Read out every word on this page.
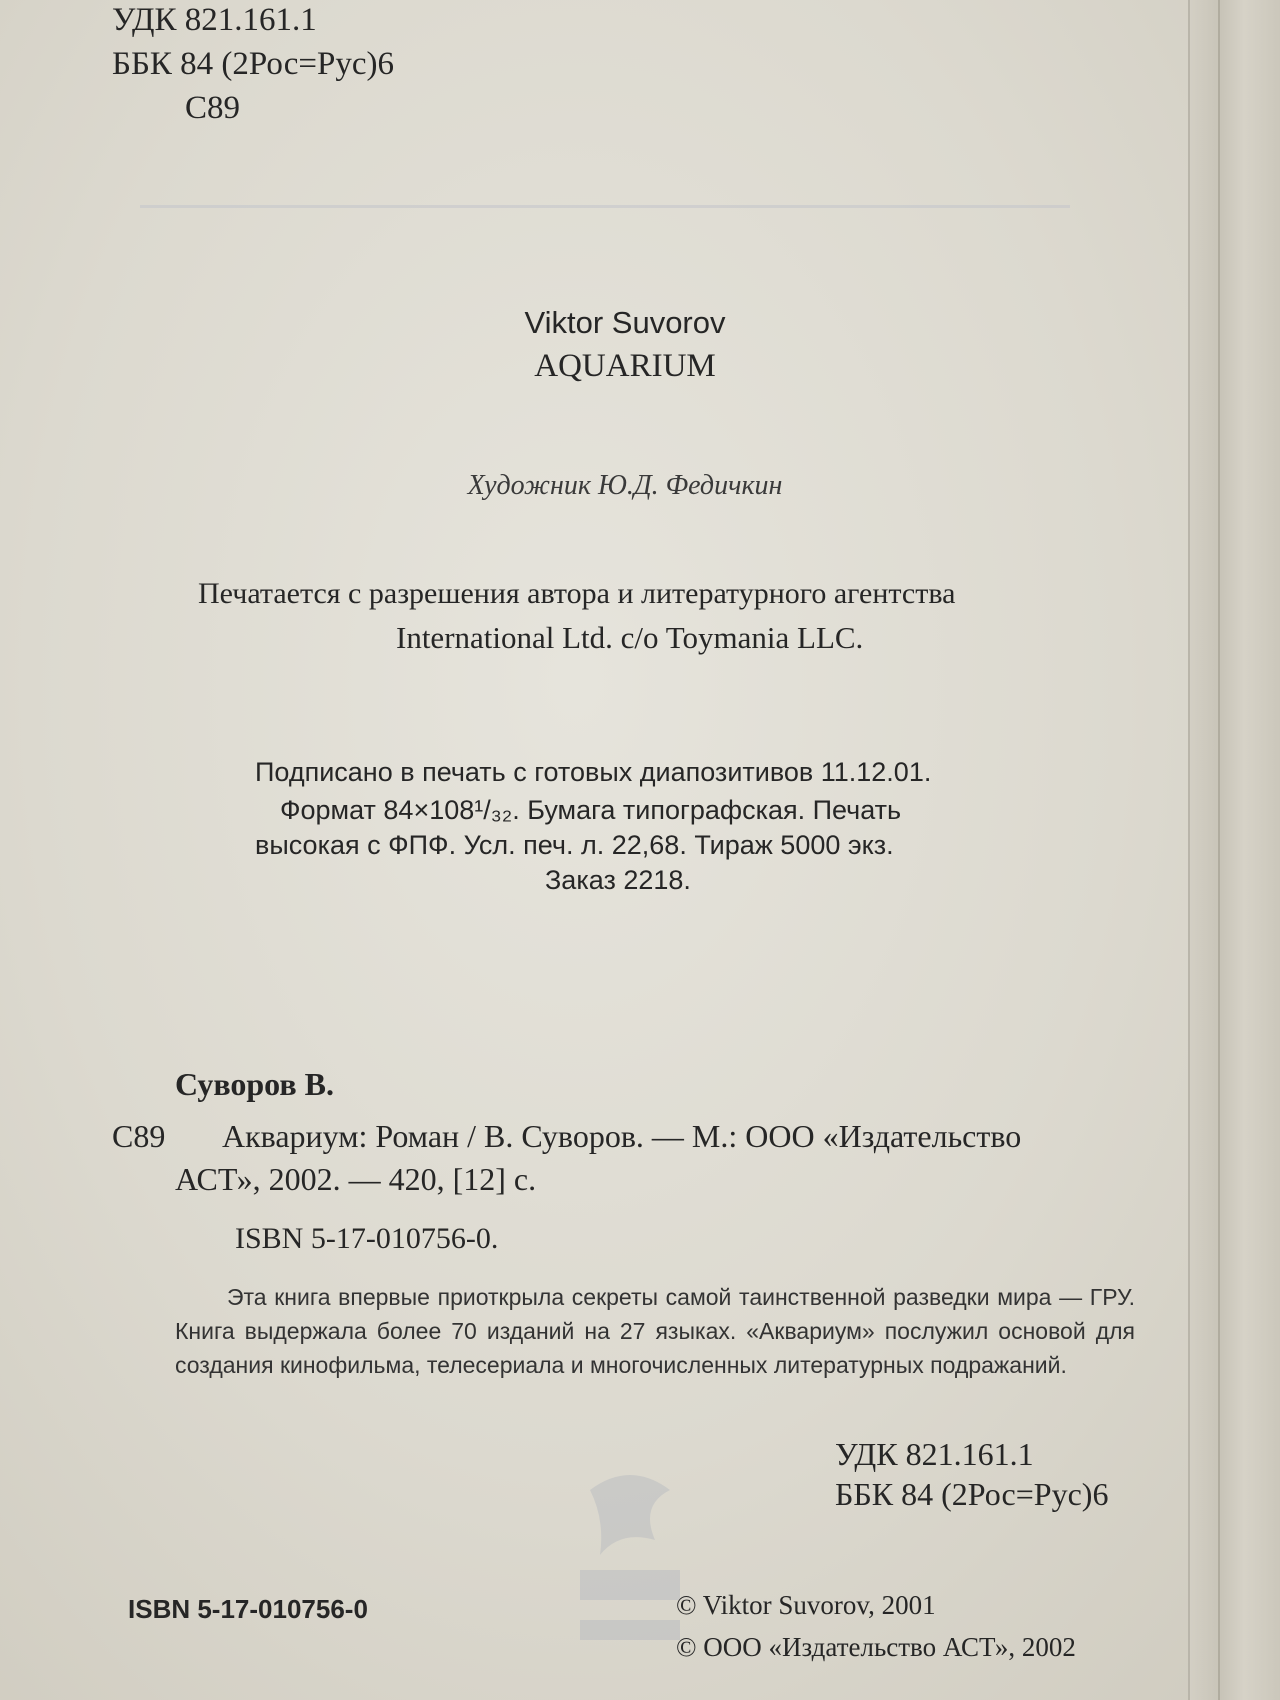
УДК 821.161.1
ББК 84 (2Рос=Рус)6
С89
Viktor Suvorov
AQUARIUM
Художник Ю.Д. Федичкин
Печатается с разрешения автора и литературного агентства
International Ltd. c/o Toymania LLC.
Подписано в печать с готовых диапозитивов 11.12.01.
Формат 84×108¹/₃₂. Бумага типографская. Печать
высокая с ФПФ. Усл. печ. л. 22,68. Тираж 5000 экз.
Заказ 2218.
Суворов В.
С89 Аквариум: Роман / В. Суворов. — М.: ООО «Издательство
АСТ», 2002. — 420, [12] с.
ISBN 5-17-010756-0.
Эта книга впервые приоткрыла секреты самой таинственной разведки мира — ГРУ. Книга выдержала более 70 изданий на 27 языках. «Аквариум» послужил основой для создания кинофильма, телесериала и многочисленных литературных подражаний.
УДК 821.161.1
ББК 84 (2Рос=Рус)6
ISBN 5-17-010756-0	© Viktor Suvorov, 2001
© ООО «Издательство АСТ», 2002
